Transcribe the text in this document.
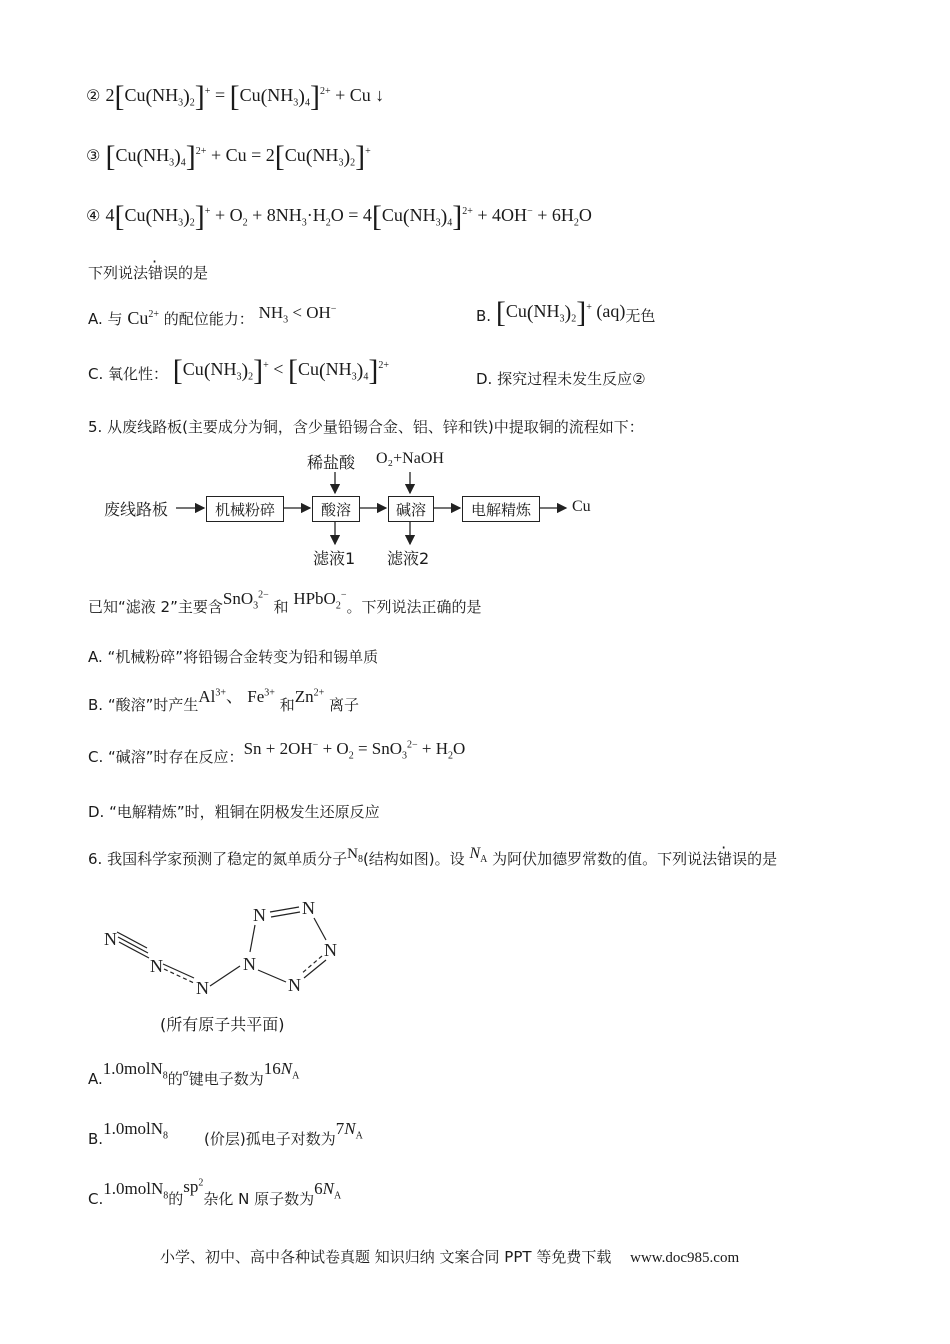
② $2[Cu(NH_3)_2]^+ = [Cu(NH_3)_4]^{2+} + Cu$ ↓
③ $[Cu(NH_3)_4]^{2+} + Cu = 2[Cu(NH_3)_2]^+$
④ $4[Cu(NH_3)_2]^+ + O_2 + 8NH_3\cdot H_2O = 4[Cu(NH_3)_4]^{2+} + 4OH^- + 6H_2O$
下列说法错误的是
A. 与 $Cu^{2+}$ 的配位能力： $NH_3 < OH^-$	B. $[Cu(NH_3)_2]^+$ (aq)无色
C. 氧化性： $[Cu(NH_3)_2]^+ < [Cu(NH_3)_4]^{2+}$
D. 探究过程未发生反应②
5. 从废线路板(主要成分为铜，含少量铅锡合金、铝、锌和铁)中提取铜的流程如下：
废线路板	机械粉碎	酸溶	碱溶	电解精炼	Cu
稀盐酸 O₂+NaOH
滤液1 滤液2
已知“滤液 2”主要含SnO$_3^{2-}$ 和 HPbO$_2$−。下列说法正确的是
A. “机械粉碎”将铅锡合金转变为铅和锡单质
B. “酸溶”时产生$Al^{3+}$、 $Fe^{3+}$ 和$Zn^{2+}$ 离子
C. “碱溶”时存在反应：$Sn + 2OH^- + O_2 = SnO_3^{2-} + H_2O$
D. “电解精炼”时，粗铜在阴极发生还原反应
6. 我国科学家预测了稳定的氮单质分子$N_8$(结构如图)。设 $N_A$ 为阿伏加德罗常数的值。下列说法错误的是
N
N
N
N
N N
N
N
(所有原子共平面)
A.1.0molN$_8$的$^\sigma$键电子数为$16N_A$
B.1.0molN$_8$ (价层)孤电子对数为$7N_A$
C.1.0molN$_8$的$sp^2$杂化 N 原子数为$6N_A$
小学、初中、高中各种试卷真题 知识归纳 文案合同 PPT 等免费下载 www.doc985.com
